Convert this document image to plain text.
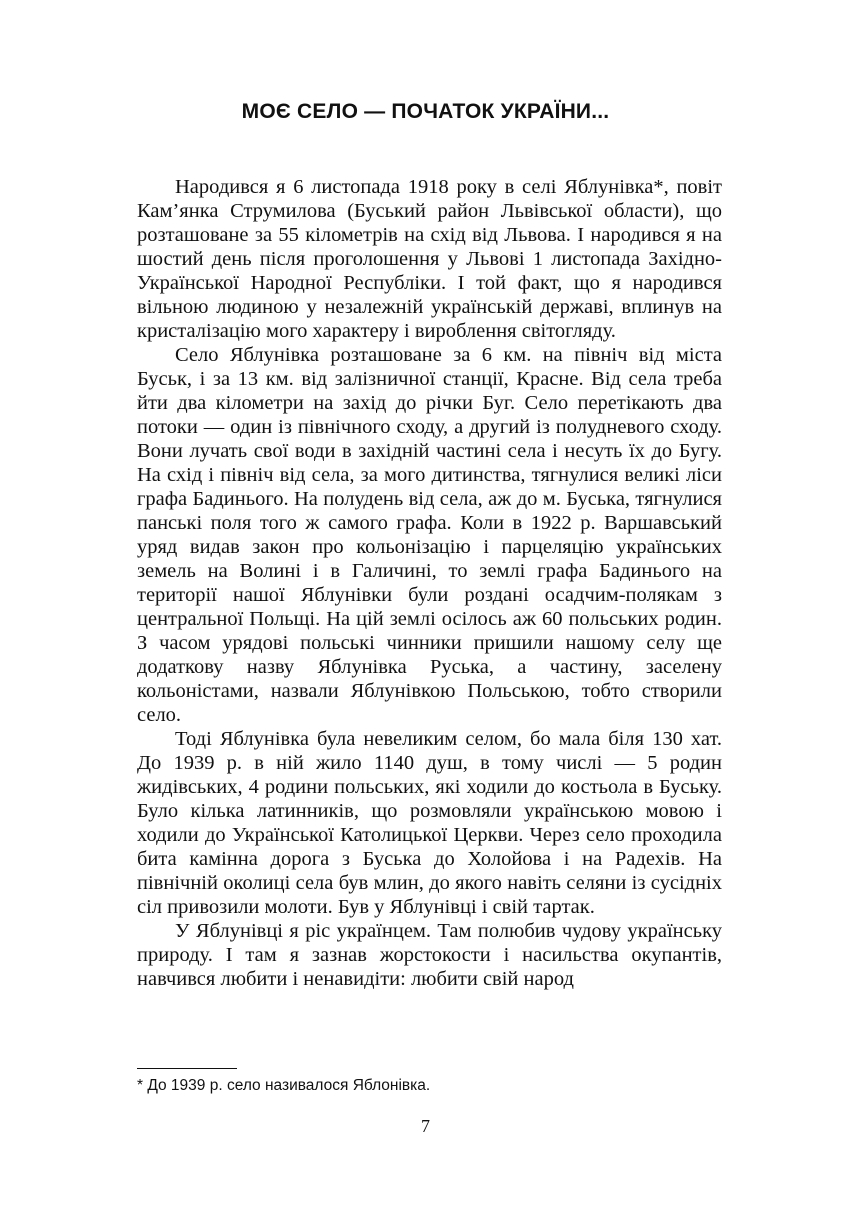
МОЄ СЕЛО — ПОЧАТОК УКРАЇНИ...

Народився я 6 листопада 1918 року в селі Яблунівка*, повіт Кам’янка Струмилова (Буський район Львівської области), що розташоване за 55 кілометрів на схід від Львова. І народився я на шостий день після проголошення у Львові 1 листопада Західно-Української Народної Республіки. І той факт, що я народився вільною людиною у незалежній українській державі, вплинув на кристалізацію мого характеру і вироблення світогляду.

Село Яблунівка розташоване за 6 км. на північ від міста Буськ, і за 13 км. від залізничної станції, Красне. Від села треба йти два кілометри на захід до річки Буг. Село перетікають два потоки — один із північного сходу, а другий із полудневого сходу. Вони лучать свої води в західній частині села і несуть їх до Бугу. На схід і північ від села, за мого дитинства, тягнулися великі ліси графа Бадинього. На полудень від села, аж до м. Буська, тягнулися панські поля того ж самого графа. Коли в 1922 р. Варшавський уряд видав закон про кольонізацію і парцеляцію українських земель на Волині і в Галичині, то землі графа Бадинього на території нашої Яблунівки були роздані осадчим-полякам з центральної Польщі. На цій землі осілось аж 60 польських родин. З часом урядові польські чинники пришили нашому селу ще додаткову назву Яблунівка Руська, а частину, заселену кольоністами, назвали Яблунівкою Польською, тобто створили село.

Тоді Яблунівка була невеликим селом, бо мала біля 130 хат. До 1939 р. в ній жило 1140 душ, в тому числі — 5 родин жидівських, 4 родини польських, які ходили до костьола в Буську. Було кілька латинників, що розмовляли українською мовою і ходили до Української Католицької Церкви. Через село проходила бита камінна дорога з Буська до Холойова і на Радехів. На північній околиці села був млин, до якого навіть селяни із сусідніх сіл привозили молоти. Був у Яблунівці і свій тартак.

У Яблунівці я ріс українцем. Там полюбив чудову українську природу. І там я зазнав жорстокости і насильства окупантів, навчився любити і ненавидіти: любити свій народ

* До 1939 р. село називалося Яблонівка.
7
